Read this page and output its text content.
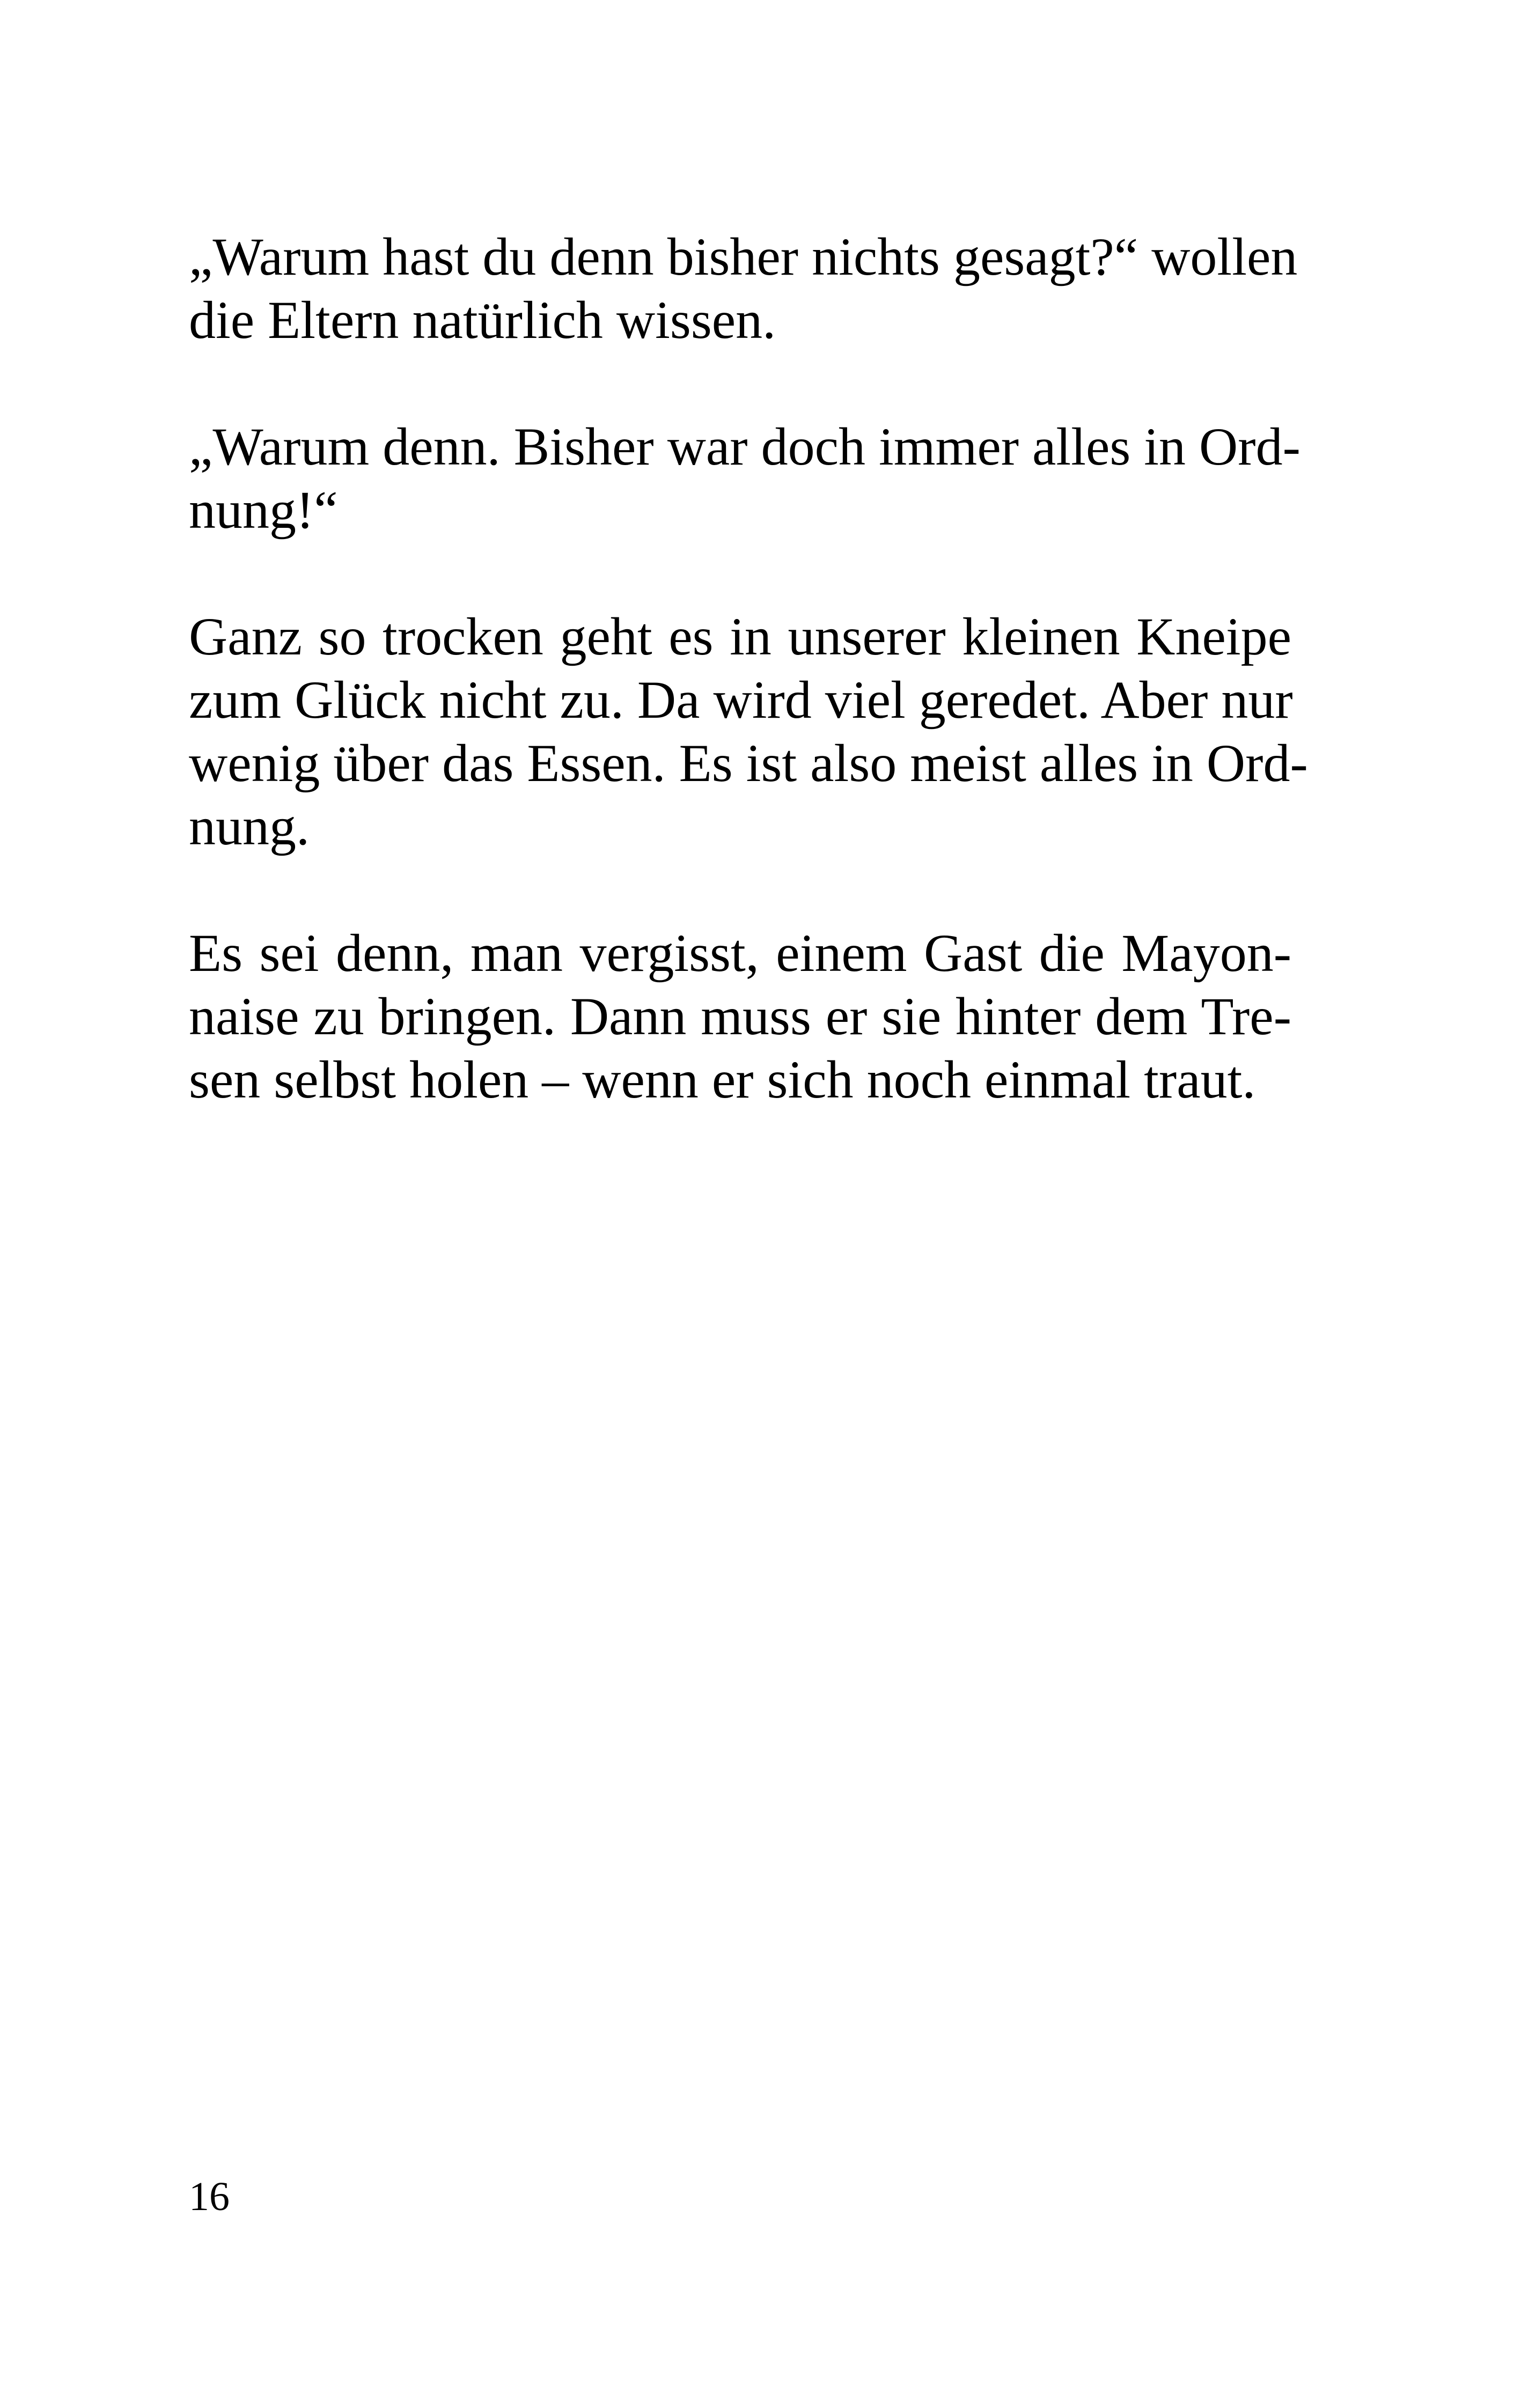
„Warum hast du denn bisher nichts gesagt?“ wollen
die Eltern natürlich wissen.

„Warum denn. Bisher war doch immer alles in Ord-
nung!“

Ganz so trocken geht es in unserer kleinen Kneipe
zum Glück nicht zu. Da wird viel geredet. Aber nur
wenig über das Essen. Es ist also meist alles in Ord-
nung.

Es sei denn, man vergisst, einem Gast die Mayon-
naise zu bringen. Dann muss er sie hinter dem Tre-
sen selbst holen – wenn er sich noch einmal traut.

16
